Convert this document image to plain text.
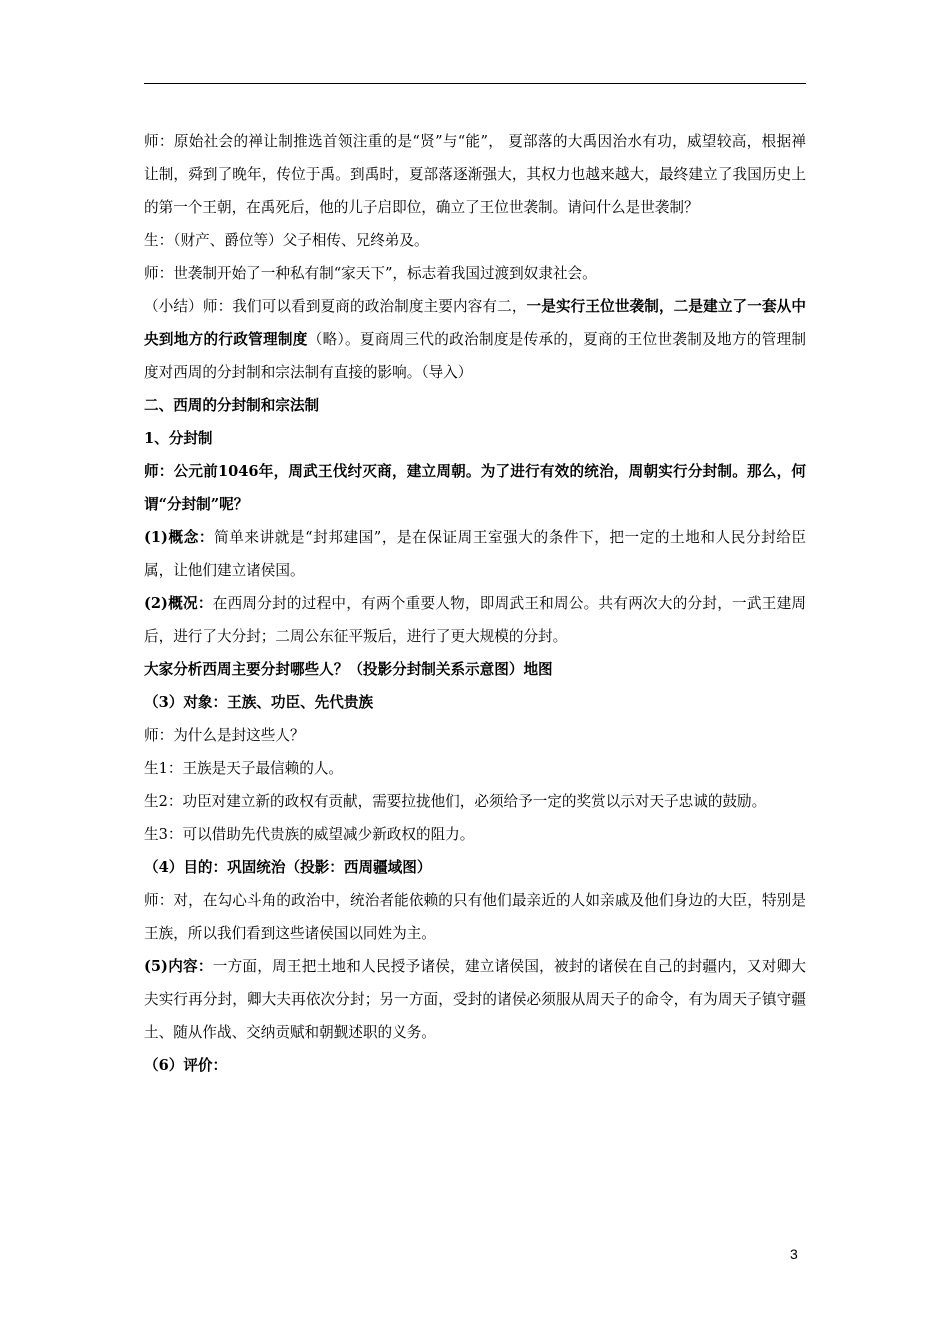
师：原始社会的禅让制推选首领注重的是“贤”与“能”， 夏部落的大禹因治水有功，威望较高，根据禅让制，舜到了晚年，传位于禹。到禹时，夏部落逐渐强大，其权力也越来越大，最终建立了我国历史上的第一个王朝，在禹死后，他的儿子启即位，确立了王位世袭制。请问什么是世袭制？

生：（财产、爵位等）父子相传、兄终弟及。

师：世袭制开始了一种私有制“家天下”，标志着我国过渡到奴隶社会。

（小结）师：我们可以看到夏商的政治制度主要内容有二，一是实行王位世袭制，二是建立了一套从中央到地方的行政管理制度（略）。夏商周三代的政治制度是传承的，夏商的王位世袭制及地方的管理制度对西周的分封制和宗法制有直接的影响。（导入）

二、西周的分封制和宗法制

1、分封制

师：公元前1046年，周武王伐纣灭商，建立周朝。为了进行有效的统治，周朝实行分封制。那么，何谓“分封制”呢？

(1)概念：简单来讲就是“封邦建国”，是在保证周王室强大的条件下，把一定的土地和人民分封给臣属，让他们建立诸侯国。

(2)概况：在西周分封的过程中，有两个重要人物，即周武王和周公。共有两次大的分封，一武王建周后，进行了大分封；二周公东征平叛后，进行了更大规模的分封。

大家分析西周主要分封哪些人？（投影分封制关系示意图）地图

（3）对象：王族、功臣、先代贵族

师：为什么是封这些人？

生1：王族是天子最信赖的人。

生2：功臣对建立新的政权有贡献，需要拉拢他们，必须给予一定的奖赏以示对天子忠诚的鼓励。

生3：可以借助先代贵族的威望减少新政权的阻力。

（4）目的：巩固统治（投影：西周疆域图）

师：对，在勾心斗角的政治中，统治者能依赖的只有他们最亲近的人如亲戚及他们身边的大臣，特别是王族，所以我们看到这些诸侯国以同姓为主。

(5)内容：一方面，周王把土地和人民授予诸侯，建立诸侯国，被封的诸侯在自己的封疆内，又对卿大夫实行再分封，卿大夫再依次分封；另一方面，受封的诸侯必须服从周天子的命令，有为周天子镇守疆土、随从作战、交纳贡赋和朝觐述职的义务。

（6）评价：

3
